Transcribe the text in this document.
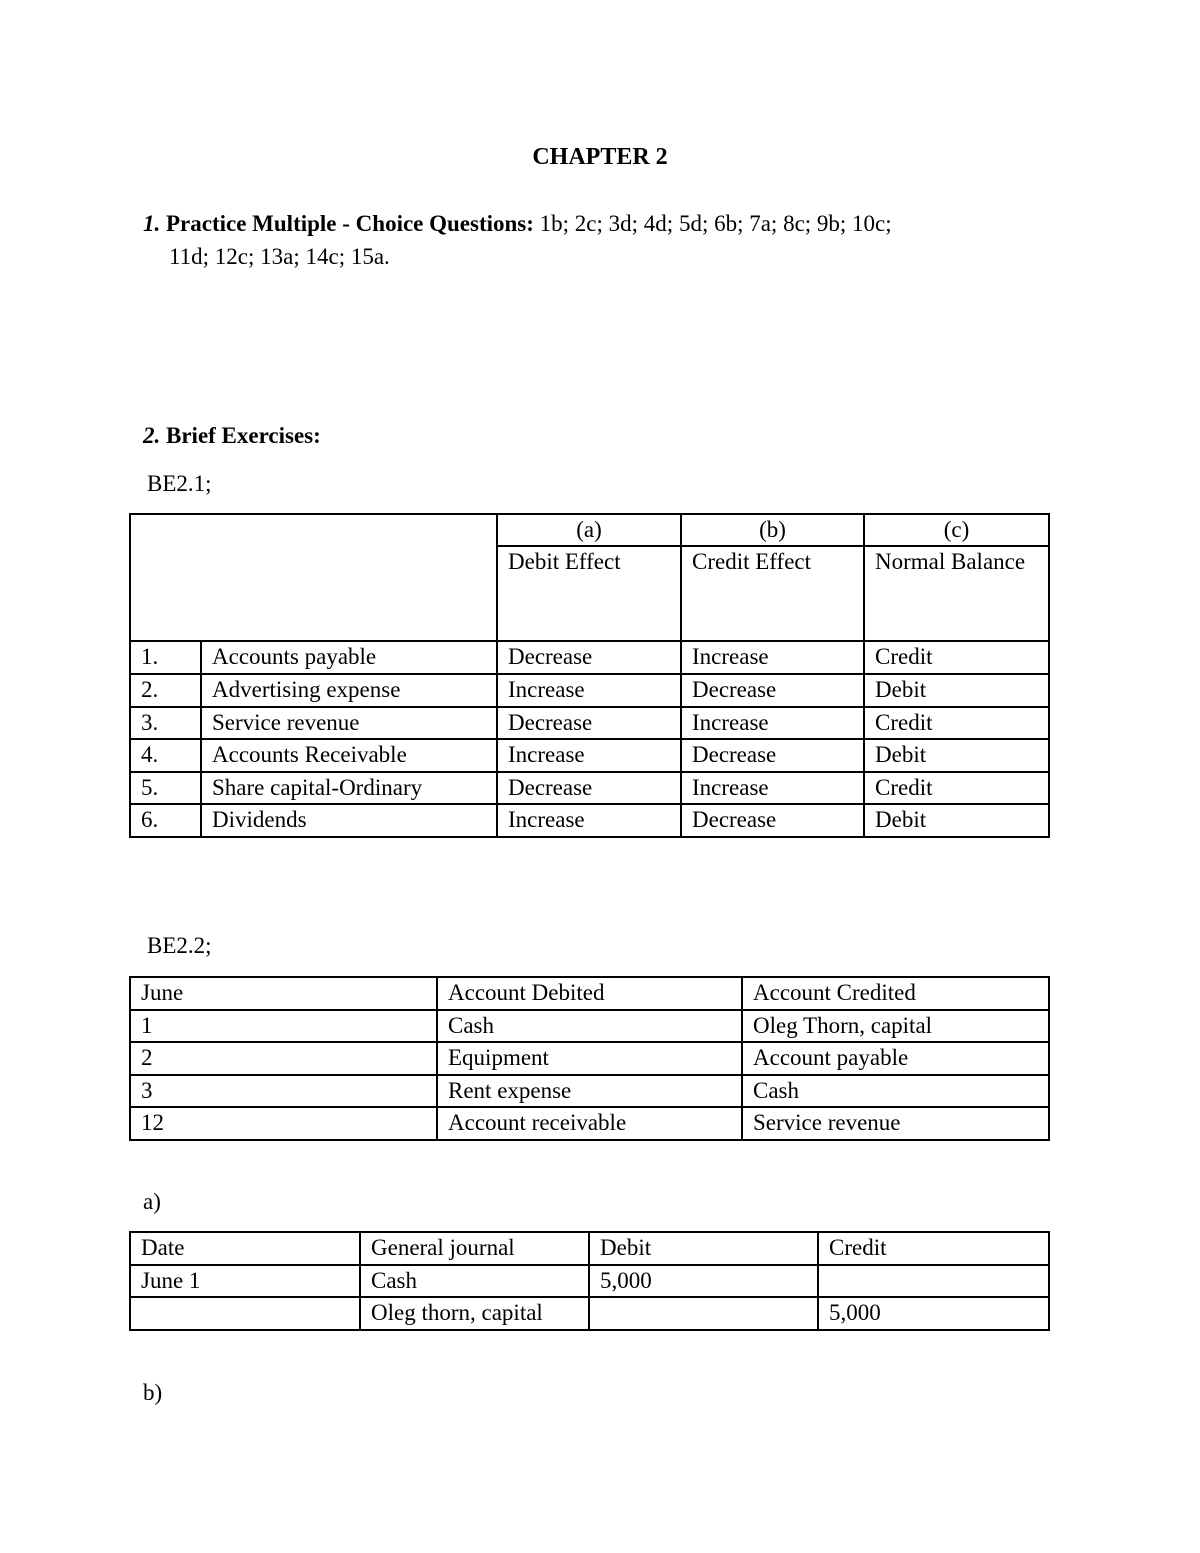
CHAPTER 2
1. Practice Multiple - Choice Questions: 1b; 2c; 3d; 4d; 5d; 6b; 7a; 8c; 9b; 10c;
11d; 12c; 13a; 14c; 15a.
2. Brief Exercises:
BE2.1;
		(a)	(b)	(c)
		Debit Effect	Credit Effect	Normal Balance
1.	Accounts payable	Decrease	Increase	Credit
2.	Advertising expense	Increase	Decrease	Debit
3.	Service revenue	Decrease	Increase	Credit
4.	Accounts Receivable	Increase	Decrease	Debit
5.	Share capital-Ordinary	Decrease	Increase	Credit
6.	Dividends	Increase	Decrease	Debit
BE2.2;
June	Account Debited	Account Credited
1	Cash	Oleg Thorn, capital
2	Equipment	Account payable
3	Rent expense	Cash
12	Account receivable	Service revenue
a)
Date	General journal	Debit	Credit
June 1	Cash	5,000	
	Oleg thorn, capital		5,000
b)
